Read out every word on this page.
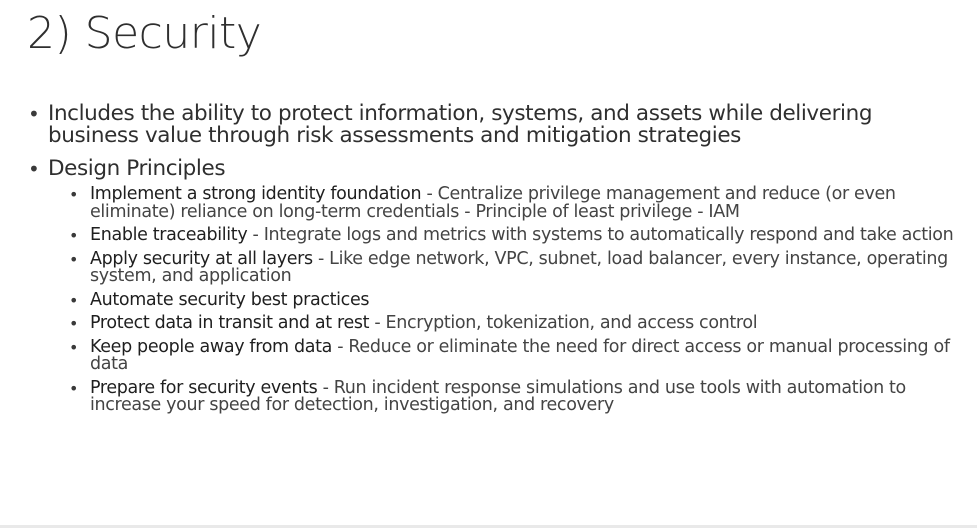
2) Security
• Includes the ability to protect information, systems, and assets while delivering business value through risk assessments and mitigation strategies
• Design Principles
• Implement a strong identity foundation - Centralize privilege management and reduce (or even eliminate) reliance on long-term credentials - Principle of least privilege - IAM
• Enable traceability - Integrate logs and metrics with systems to automatically respond and take action
• Apply security at all layers - Like edge network, VPC, subnet, load balancer, every instance, operating system, and application
• Automate security best practices
• Protect data in transit and at rest - Encryption, tokenization, and access control
• Keep people away from data - Reduce or eliminate the need for direct access or manual processing of data
• Prepare for security events - Run incident response simulations and use tools with automation to increase your speed for detection, investigation, and recovery
